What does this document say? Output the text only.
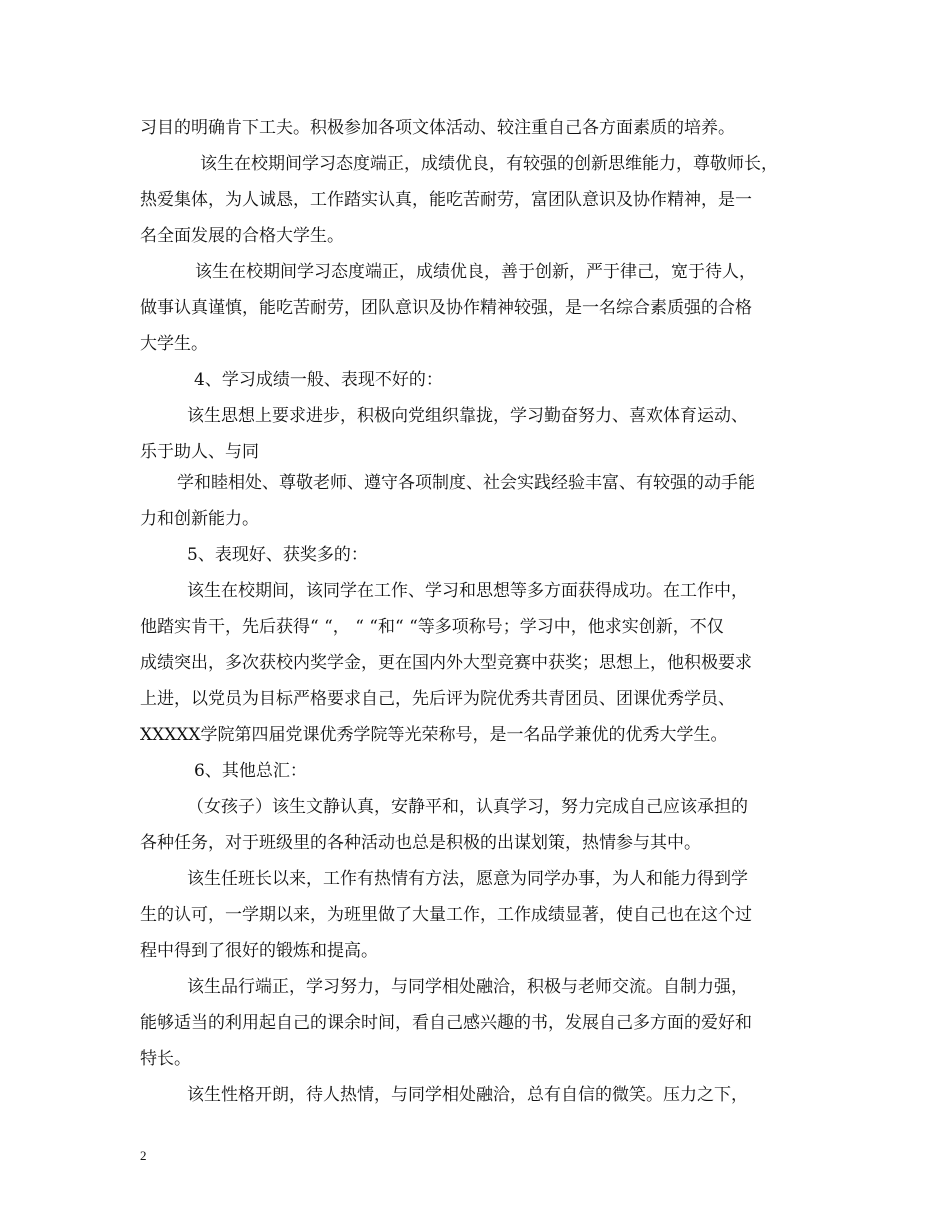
习目的明确肯下工夫。积极参加各项文体活动、较注重自己各方面素质的培养。
该生在校期间学习态度端正，成绩优良，有较强的创新思维能力，尊敬师长，
热爱集体，为人诚恳，工作踏实认真，能吃苦耐劳，富团队意识及协作精神，是一
名全面发展的合格大学生。
该生在校期间学习态度端正，成绩优良，善于创新，严于律己，宽于待人，
做事认真谨慎，能吃苦耐劳，团队意识及协作精神较强，是一名综合素质强的合格
大学生。
4、学习成绩一般、表现不好的：
该生思想上要求进步，积极向党组织靠拢，学习勤奋努力、喜欢体育运动、
乐于助人、与同
学和睦相处、尊敬老师、遵守各项制度、社会实践经验丰富、有较强的动手能
力和创新能力。
5、表现好、获奖多的：
该生在校期间，该同学在工作、学习和思想等多方面获得成功。在工作中，
他踏实肯干，先后获得“ “， “ “和“ “等多项称号；学习中，他求实创新，不仅
成绩突出，多次获校内奖学金，更在国内外大型竞赛中获奖；思想上，他积极要求
上进，以党员为目标严格要求自己，先后评为院优秀共青团员、团课优秀学员、
XXXXX学院第四届党课优秀学院等光荣称号，是一名品学兼优的优秀大学生。
6、其他总汇：
（女孩子）该生文静认真，安静平和，认真学习，努力完成自己应该承担的
各种任务，对于班级里的各种活动也总是积极的出谋划策，热情参与其中。
该生任班长以来，工作有热情有方法，愿意为同学办事，为人和能力得到学
生的认可，一学期以来，为班里做了大量工作，工作成绩显著，使自己也在这个过
程中得到了很好的锻炼和提高。
该生品行端正，学习努力，与同学相处融洽，积极与老师交流。自制力强，
能够适当的利用起自己的课余时间，看自己感兴趣的书，发展自己多方面的爱好和
特长。
该生性格开朗，待人热情，与同学相处融洽，总有自信的微笑。压力之下，
2
